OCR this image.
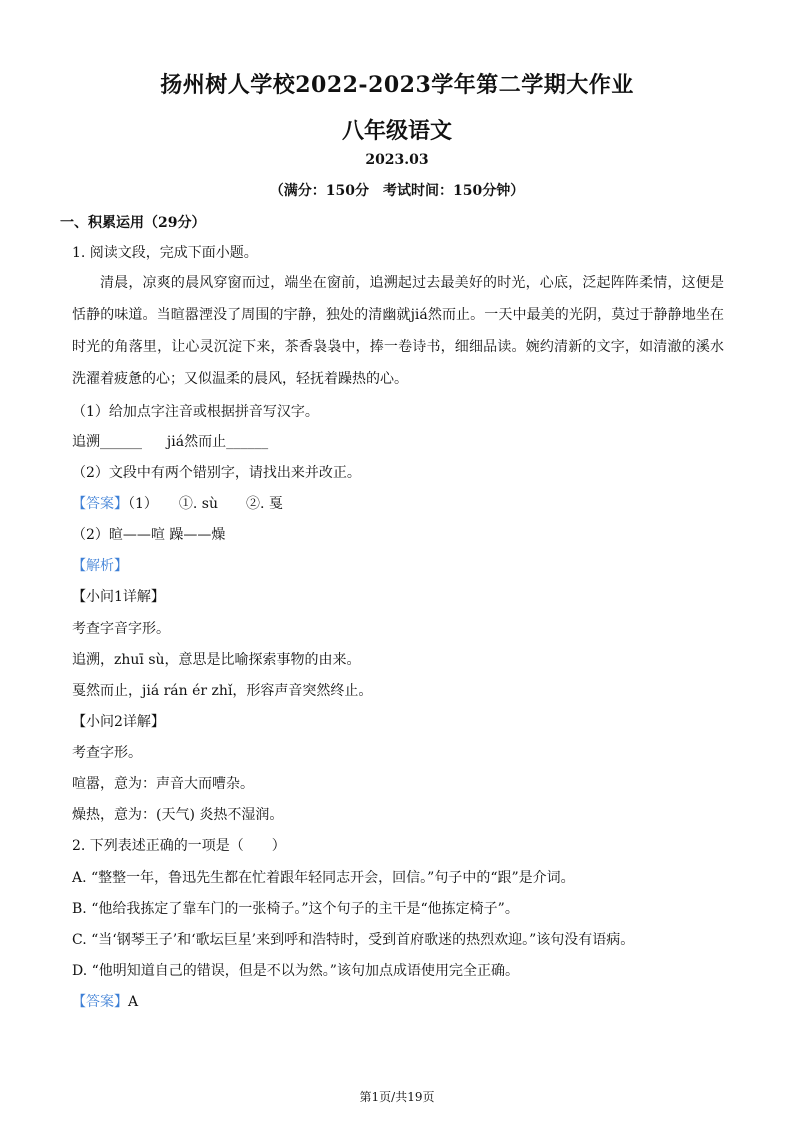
扬州树人学校2022-2023学年第二学期大作业
八年级语文
2023.03
（满分：150分　考试时间：150分钟）
一、积累运用（29分）
1. 阅读文段，完成下面小题。
清晨，凉爽的晨风穿窗而过，端坐在窗前，追溯起过去最美好的时光，心底，泛起阵阵柔情，这便是恬静的味道。当暄嚣湮没了周围的宇静，独处的清幽就jiá然而止。一天中最美的光阴，莫过于静静地坐在时光的角落里，让心灵沉淀下来，茶香袅袅中，捧一卷诗书，细细品读。婉约清新的文字，如清澈的溪水洗濯着疲惫的心；又似温柔的晨风，轻抚着躁热的心。
（1）给加点字注音或根据拼音写汉字。
追溯______ jiá然而止______
（2）文段中有两个错别字，请找出来并改正。
【答案】（1）　　①. sù　　②. 戛
（2）暄——喧 躁——燥
【解析】
【小问1详解】
考查字音字形。
追溯，zhuī sù，意思是比喻探索事物的由来。
戛然而止，jiá rán ér zhǐ，形容声音突然终止。
【小问2详解】
考查字形。
喧嚣，意为：声音大而嘈杂。
燥热，意为：(天气) 炎热不湿润。
2. 下列表述正确的一项是（　　）
A. “整整一年，鲁迅先生都在忙着跟年轻同志开会，回信。”句子中的“跟”是介词。
B. “他给我拣定了靠车门的一张椅子。”这个句子的主干是“他拣定椅子”。
C. “当‘钢琴王子’和‘歌坛巨星’来到呼和浩特时，受到首府歌迷的热烈欢迎。”该句没有语病。
D. “他明知道自己的错误，但是不以为然。”该句加点成语使用完全正确。
【答案】A
第1页/共19页
